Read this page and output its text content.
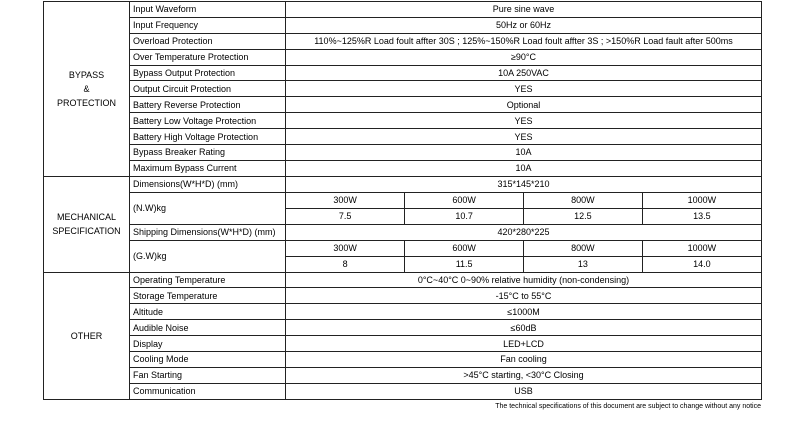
BYPASS
&
PROTECTION
	Input Waveform	Pure sine wave
Input Frequency	50Hz or 60Hz
Overload Protection	110%~125%R Load foult affter 30S ; 125%~150%R Load foult affter 3S ; >150%R Load fault after 500ms
Over Temperature Protection	≥90°C
Bypass Output Protection	10A 250VAC
Output Circuit Protection	YES
Battery Reverse Protection	Optional
Battery Low Voltage Protection	YES
Battery High Voltage Protection	YES
Bypass Breaker Rating	10A
Maximum Bypass Current	10A

MECHANICAL
SPECIFICATION
	Dimensions(W*H*D) (mm)	315*145*210
(N.W)kg	
300W	600W	800W	1000W
7.5	10.7	12.5	13.5

Shipping Dimensions(W*H*D) (mm)	420*280*225
(G.W)kg	
300W	600W	800W	1000W
8	11.5	13	14.0

OTHER	Operating Temperature	0°C~40°C 0~90% relative humidity (non-condensing)
Storage Temperature	-15°C to 55°C
Altitude	≤1000M
Audible Noise	≤60dB
Display	LED+LCD
Cooling Mode	Fan cooling
Fan Starting	>45°C starting, <30°C Closing
Communication	USB
The technical specifications of this document are subject to change without any notice
